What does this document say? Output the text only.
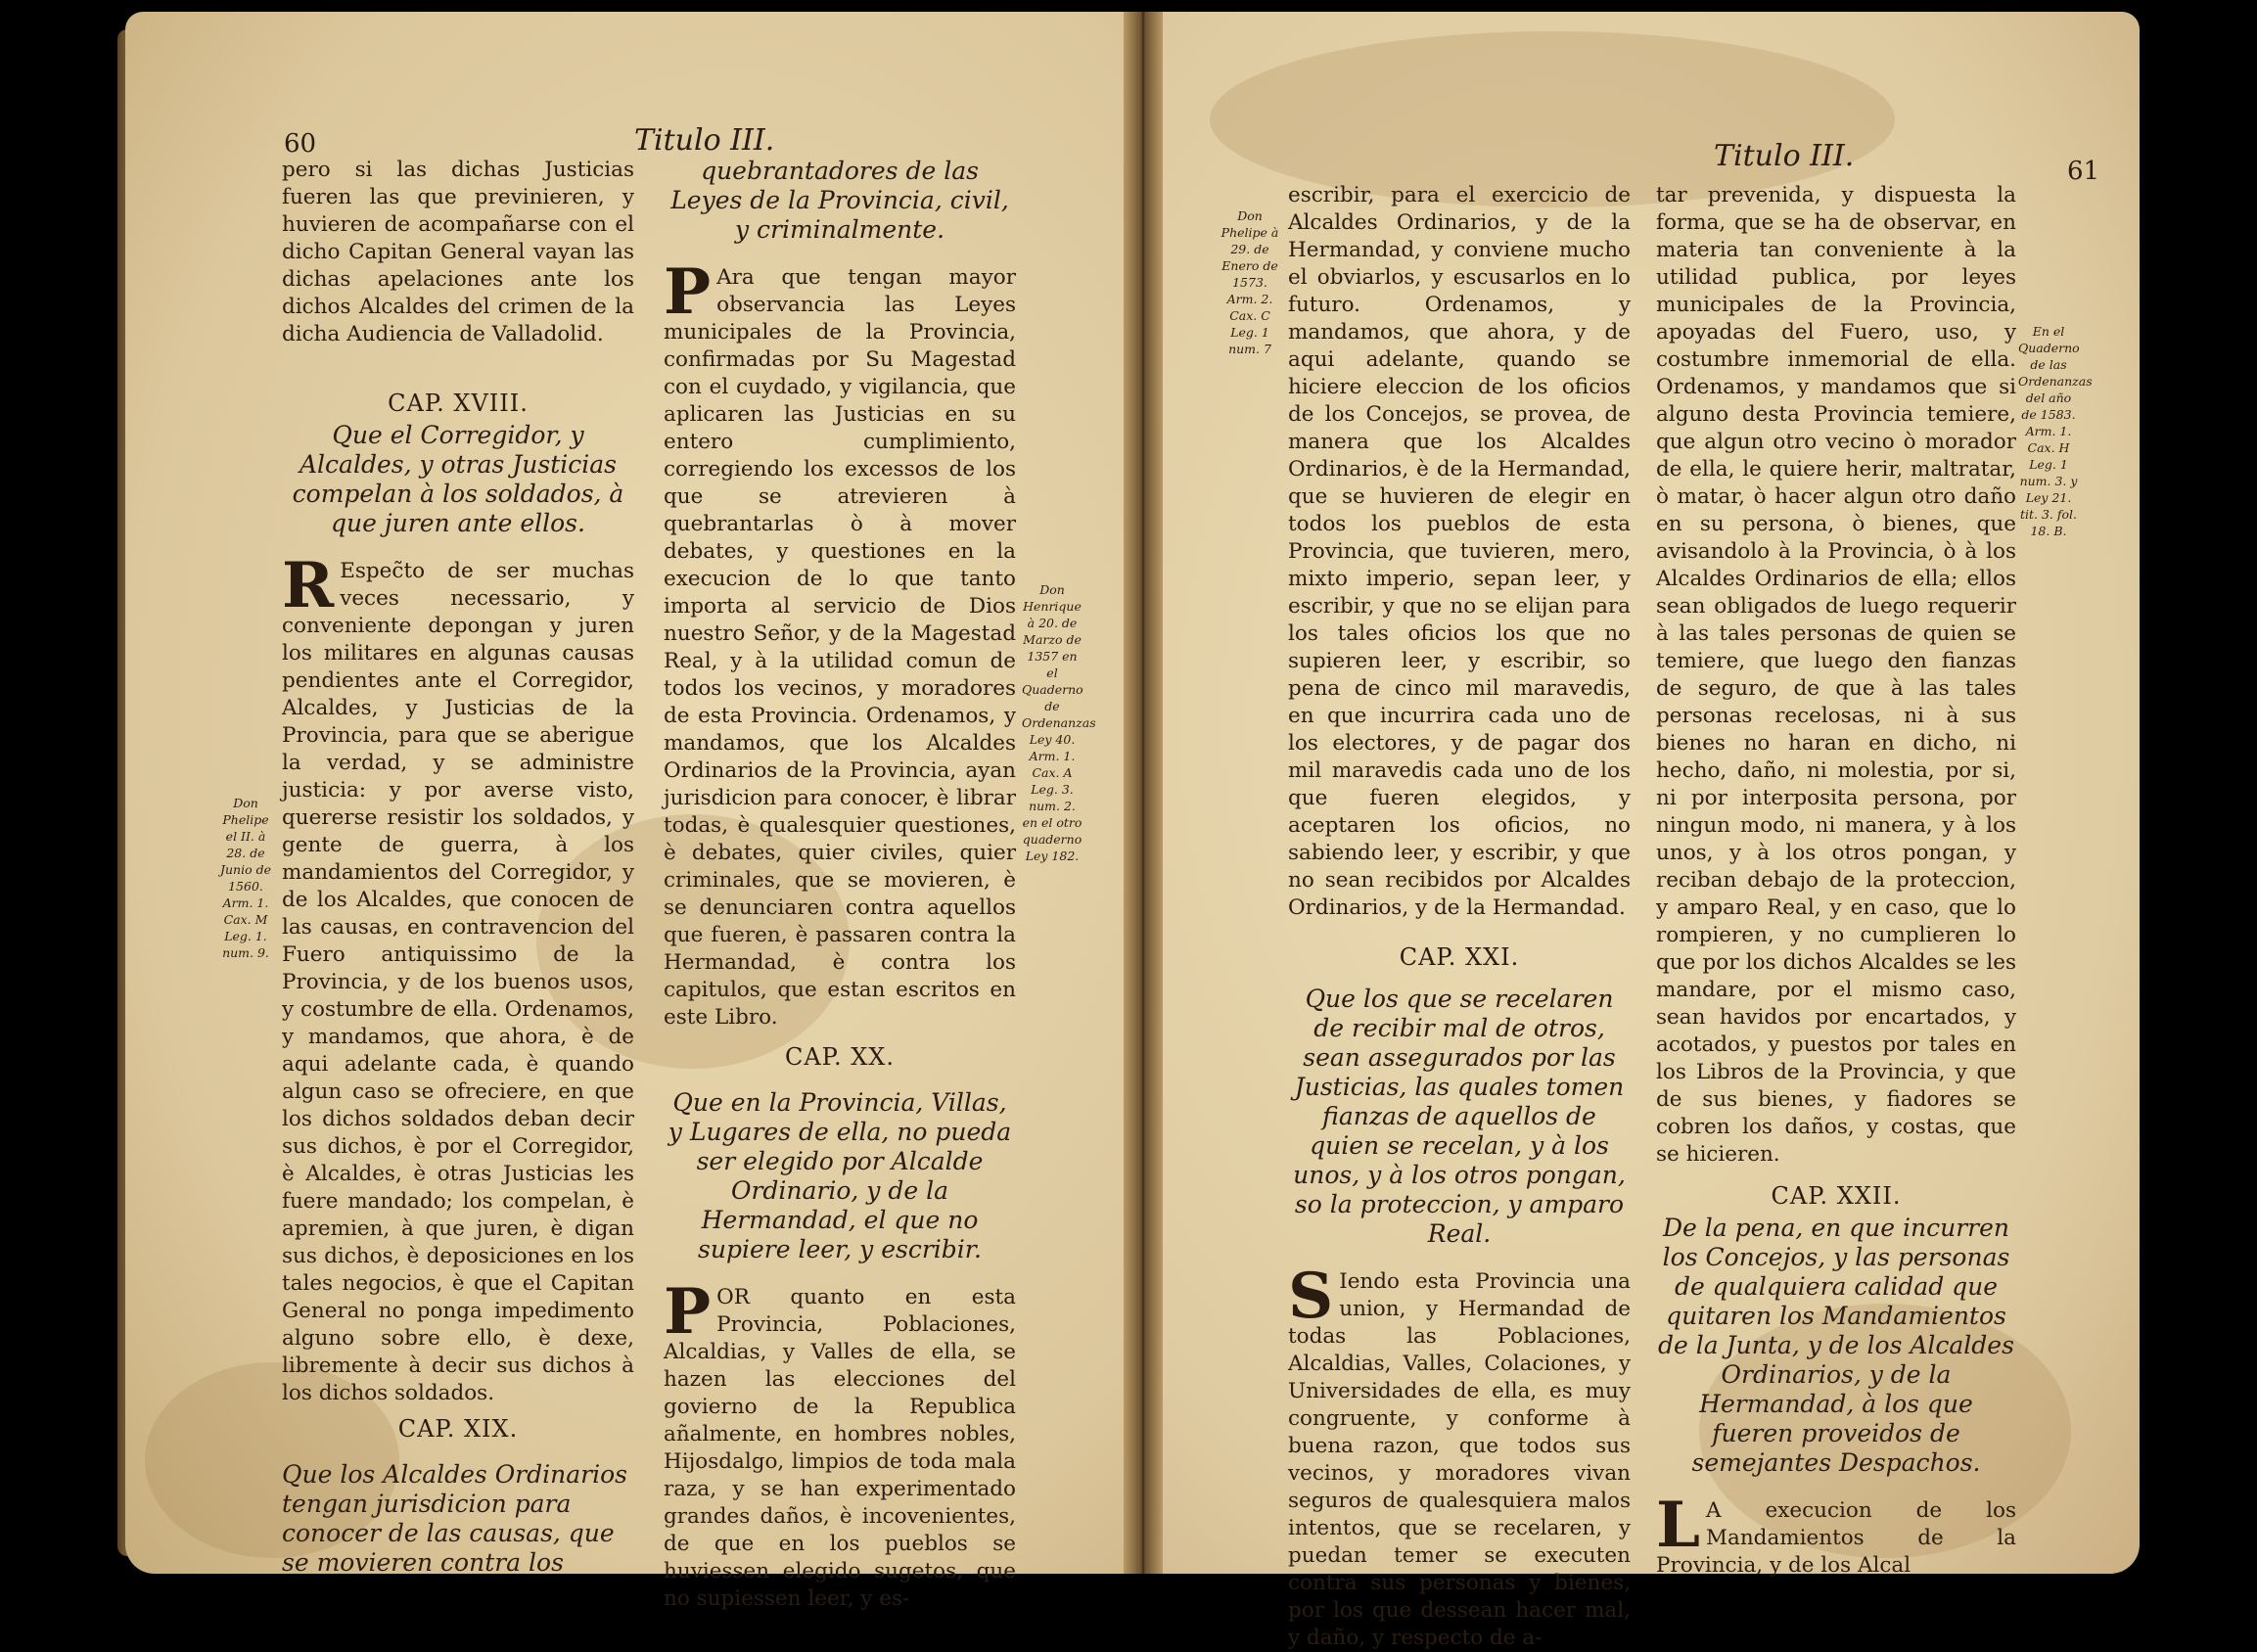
60	Titulo III.

pero si las dichas Justicias fueren las que previnieren, y huvieren de acompañarse con el dicho Capitan General vayan las dichas apelaciones ante los dichos Alcaldes del crimen de la dicha Audiencia de Valladolid.

CAP. XVIII.
Que el Corregidor, y Alcaldes, y otras Justicias compelan à los soldados, à que juren ante ellos.

R Espec̃to de ser muchas veces necessario, y conveniente depongan y juren los militares en algunas causas pendientes ante el Corregidor, Alcaldes, y Justicias de la Provincia, para que se aberigue la verdad, y se administre justicia: y por averse visto, quererse resistir los soldados, y gente de guerra, à los mandamientos del Corregidor, y de los Alcaldes, que conocen de las causas, en contravencion del Fuero antiquissimo de la Provincia, y de los buenos usos, y costumbre de ella. Ordenamos, y mandamos, que ahora, è de aqui adelante cada, è quando algun caso se ofreciere, en que los dichos soldados deban decir sus dichos, è por el Corregidor, è Alcaldes, è otras Justicias les fuere mandado; los compelan, è apremien, à que juren, è digan sus dichos, è deposiciones en los tales negocios, è que el Capitan General no ponga impedimento alguno sobre ello, è dexe, libremente à decir sus dichos à los dichos soldados.

CAP. XIX.
Que los Alcaldes Ordinarios tengan jurisdicion para conocer de las causas, que se movieren contra los
quebrantadores de las Leyes de la Provincia, civil, y criminalmente.

P Ara que tengan mayor observancia las Leyes municipales de la Provincia, confirmadas por Su Magestad con el cuydado, y vigilancia, que aplicaren las Justicias en su entero cumplimiento, corregiendo los excessos de los que se atrevieren à quebrantarlas ò à mover debates, y questiones en la execucion de lo que tanto importa al servicio de Dios nuestro Señor, y de la Magestad Real, y à la utilidad comun de todos los vecinos, y moradores de esta Provincia. Ordenamos, y mandamos, que los Alcaldes Ordinarios de la Provincia, ayan jurisdicion para conocer, è librar todas, è qualesquier questiones, è debates, quier civiles, quier criminales, que se movieren, è se denunciaren contra aquellos que fueren, è passaren contra la Hermandad, è contra los capitulos, que estan escritos en este Libro.

CAP. XX.
Que en la Provincia, Villas, y Lugares de ella, no pueda ser elegido por Alcalde Ordinario, y de la Hermandad, el que no supiere leer, y escribir.

POR quanto en esta Provincia, Poblaciones, Alcaldias, y Valles de ella, se hazen las elecciones del govierno de la Republica añalmente, en hombres nobles, Hijosdalgo, limpios de toda mala raza, y se han experimentado grandes daños, è incovenientes, de que en los pueblos se huviessen elegido sugetos, que no supiessen leer, y es-

Don Phelipe el II. à 28. de Junio de 1560. Arm. 1. Cax. M Leg. 1. num. 9.
Don Henrique à 20. de Marzo de 1357 en el Quaderno de Ordenanzas Ley 40. Arm. 1. Cax. A Leg. 3. num. 2. en el otro quaderno Ley 182.
Titulo III.	61

escribir, para el exercicio de Alcaldes Ordinarios, y de la Hermandad, y conviene mucho el obviarlos, y escusarlos en lo futuro. Ordenamos, y mandamos, que ahora, y de aqui adelante, quando se hiciere eleccion de los oficios de los Concejos, se provea, de manera que los Alcaldes Ordinarios, è de la Hermandad, que se huvieren de elegir en todos los pueblos de esta Provincia, que tuvieren, mero, mixto imperio, sepan leer, y escribir, y que no se elijan para los tales oficios los que no supieren leer, y escribir, so pena de cinco mil maravedis, en que incurrira cada uno de los electores, y de pagar dos mil maravedis cada uno de los que fueren elegidos, y aceptaren los oficios, no sabiendo leer, y escribir, y que no sean recibidos por Alcaldes Ordinarios, y de la Hermandad.

CAP. XXI.
Que los que se recelaren de recibir mal de otros, sean assegurados por las Justicias, las quales tomen fianzas de aquellos de quien se recelan, y à los unos, y à los otros pongan, so la proteccion, y amparo Real.

S Iendo esta Provincia una union, y Hermandad de todas las Poblaciones, Alcaldias, Valles, Colaciones, y Universidades de ella, es muy congruente, y conforme à buena razon, que todos sus vecinos, y moradores vivan seguros de qualesquiera malos intentos, que se recelaren, y puedan temer se executen contra sus personas y bienes, por los que dessean hacer mal, y daño, y respecto de a-

tar prevenida, y dispuesta la forma, que se ha de observar, en materia tan conveniente à la utilidad publica, por leyes municipales de la Provincia, apoyadas del Fuero, uso, y costumbre inmemorial de ella. Ordenamos, y mandamos que si alguno desta Provincia temiere, que algun otro vecino ò morador de ella, le quiere herir, maltratar, ò matar, ò hacer algun otro daño en su persona, ò bienes, que avisandolo à la Provincia, ò à los Alcaldes Ordinarios de ella; ellos sean obligados de luego requerir à las tales personas de quien se temiere, que luego den fianzas de seguro, de que à las tales personas recelosas, ni à sus bienes no haran en dicho, ni hecho, daño, ni molestia, por si, ni por interposita persona, por ningun modo, ni manera, y à los unos, y à los otros pongan, y reciban debajo de la proteccion, y amparo Real, y en caso, que lo rompieren, y no cumplieren lo que por los dichos Alcaldes se les mandare, por el mismo caso, sean havidos por encartados, y acotados, y puestos por tales en los Libros de la Provincia, y que de sus bienes, y fiadores se cobren los daños, y costas, que se hicieren.

CAP. XXII.
De la pena, en que incurren los Concejos, y las personas de qualquiera calidad que quitaren los Mandamientos de la Junta, y de los Alcaldes Ordinarios, y de la Hermandad, à los que fueren proveidos de semejantes Despachos.

L A execucion de los Mandamientos de la Provincia, y de los Alcal

Don Phelipe à 29. de Enero de 1573. Arm. 2. Cax. C Leg. 1 num. 7
En el Quaderno de las Ordenanzas del año de 1583. Arm. 1. Cax. H Leg. 1 num. 3. y Ley 21. tit. 3. fol. 18. B.
